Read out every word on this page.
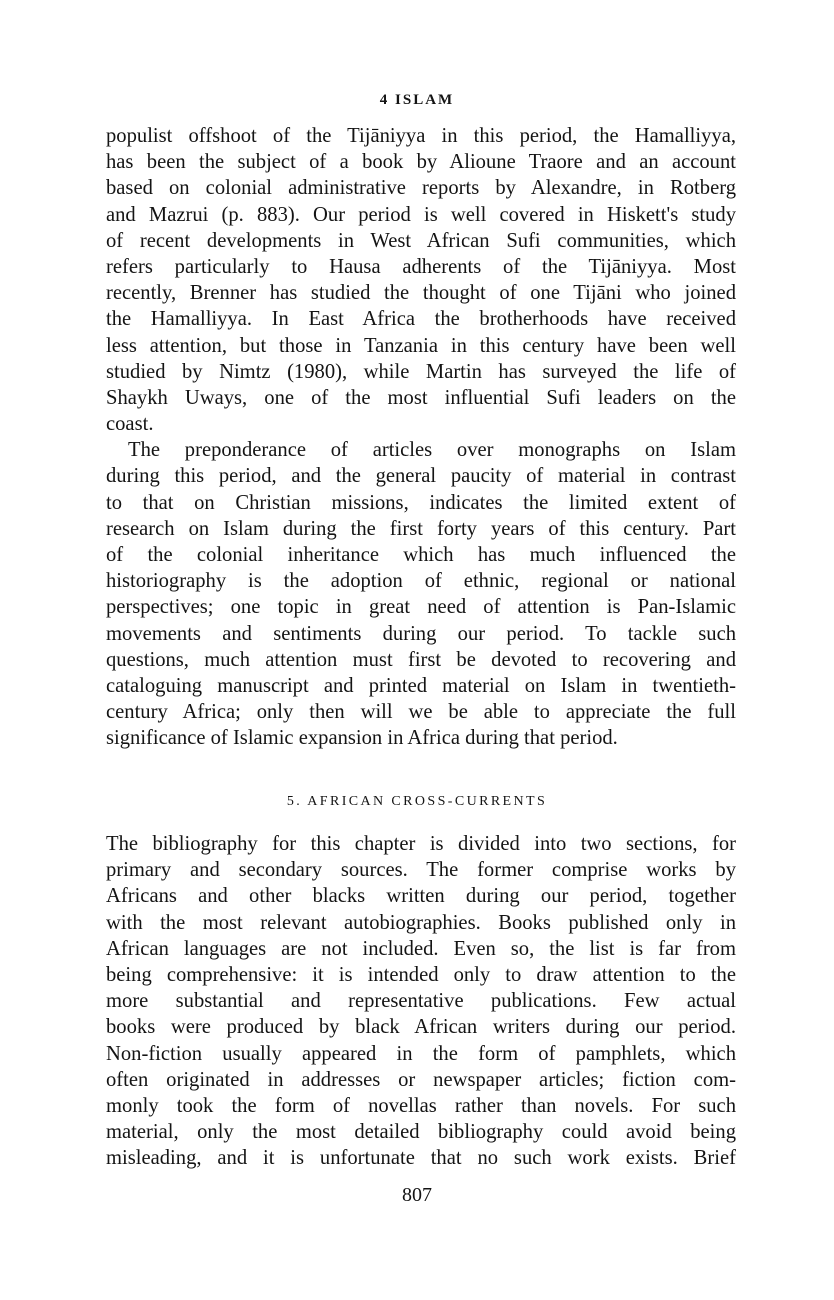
4 ISLAM
populist offshoot of the Tijāniyya in this period, the Hamalliyya,
has been the subject of a book by Alioune Traore and an account
based on colonial administrative reports by Alexandre, in Rotberg
and Mazrui (p. 883). Our period is well covered in Hiskett's study
of recent developments in West African Sufi communities, which
refers particularly to Hausa adherents of the Tijāniyya. Most
recently, Brenner has studied the thought of one Tijāni who joined
the Hamalliyya. In East Africa the brotherhoods have received
less attention, but those in Tanzania in this century have been well
studied by Nimtz (1980), while Martin has surveyed the life of
Shaykh Uways, one of the most influential Sufi leaders on the
coast.
The preponderance of articles over monographs on Islam
during this period, and the general paucity of material in contrast
to that on Christian missions, indicates the limited extent of
research on Islam during the first forty years of this century. Part
of the colonial inheritance which has much influenced the
historiography is the adoption of ethnic, regional or national
perspectives; one topic in great need of attention is Pan-Islamic
movements and sentiments during our period. To tackle such
questions, much attention must first be devoted to recovering and
cataloguing manuscript and printed material on Islam in twentieth-
century Africa; only then will we be able to appreciate the full
significance of Islamic expansion in Africa during that period.
5. AFRICAN CROSS-CURRENTS
The bibliography for this chapter is divided into two sections, for
primary and secondary sources. The former comprise works by
Africans and other blacks written during our period, together
with the most relevant autobiographies. Books published only in
African languages are not included. Even so, the list is far from
being comprehensive: it is intended only to draw attention to the
more substantial and representative publications. Few actual
books were produced by black African writers during our period.
Non-fiction usually appeared in the form of pamphlets, which
often originated in addresses or newspaper articles; fiction com-
monly took the form of novellas rather than novels. For such
material, only the most detailed bibliography could avoid being
misleading, and it is unfortunate that no such work exists. Brief
807
